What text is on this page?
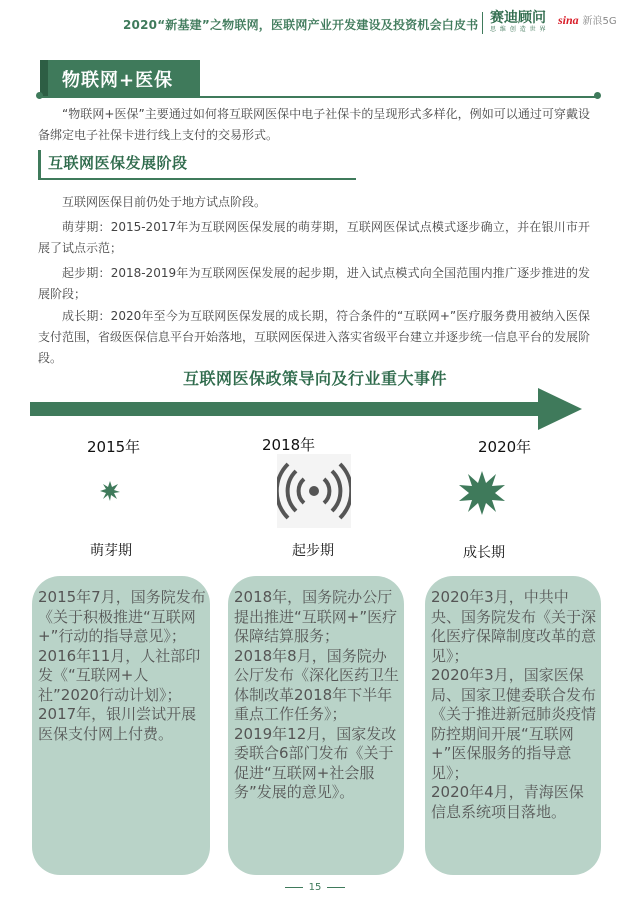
2020“新基建”之物联网，医联网产业开发建设及投资机会白皮书 赛迪顾问
思 维 创 造 世 界
sina 新浪5G
物联网+医保
“物联网+医保”主要通过如何将互联网医保中电子社保卡的呈现形式多样化，例如可以通过可穿戴设备绑定电子社保卡进行线上支付的交易形式。
互联网医保发展阶段
互联网医保目前仍处于地方试点阶段。
萌芽期：2015-2017年为互联网医保发展的萌芽期，互联网医保试点模式逐步确立，并在银川市开展了试点示范；
起步期：2018-2019年为互联网医保发展的起步期，进入试点模式向全国范围内推广逐步推进的发展阶段；
成长期：2020年至今为互联网医保发展的成长期，符合条件的“互联网+”医疗服务费用被纳入医保支付范围，省级医保信息平台开始落地，互联网医保进入落实省级平台建立并逐步统一信息平台的发展阶段。
互联网医保政策导向及行业重大事件
2015年	2018年	2020年
萌芽期	起步期	成长期

2015年7月，国务院发布《关于积极推进“互联网+”行动的指导意见》；

2016年11月，人社部印发《“互联网+人社”2020行动计划》；

2017年，银川尝试开展医保支付网上付费。

2018年，国务院办公厅提出推进“互联网+”医疗保障结算服务；

2018年8月，国务院办公厅发布《深化医药卫生体制改革2018年下半年重点工作任务》；

2019年12月，国家发改委联合6部门发布《关于促进“互联网+社会服务”发展的意见》。

2020年3月，中共中央、国务院发布《关于深化医疗保障制度改革的意见》；

2020年3月，国家医保局、国家卫健委联合发布《关于推进新冠肺炎疫情防控期间开展“互联网+”医保服务的指导意见》；

2020年4月，青海医保信息系统项目落地。

15
